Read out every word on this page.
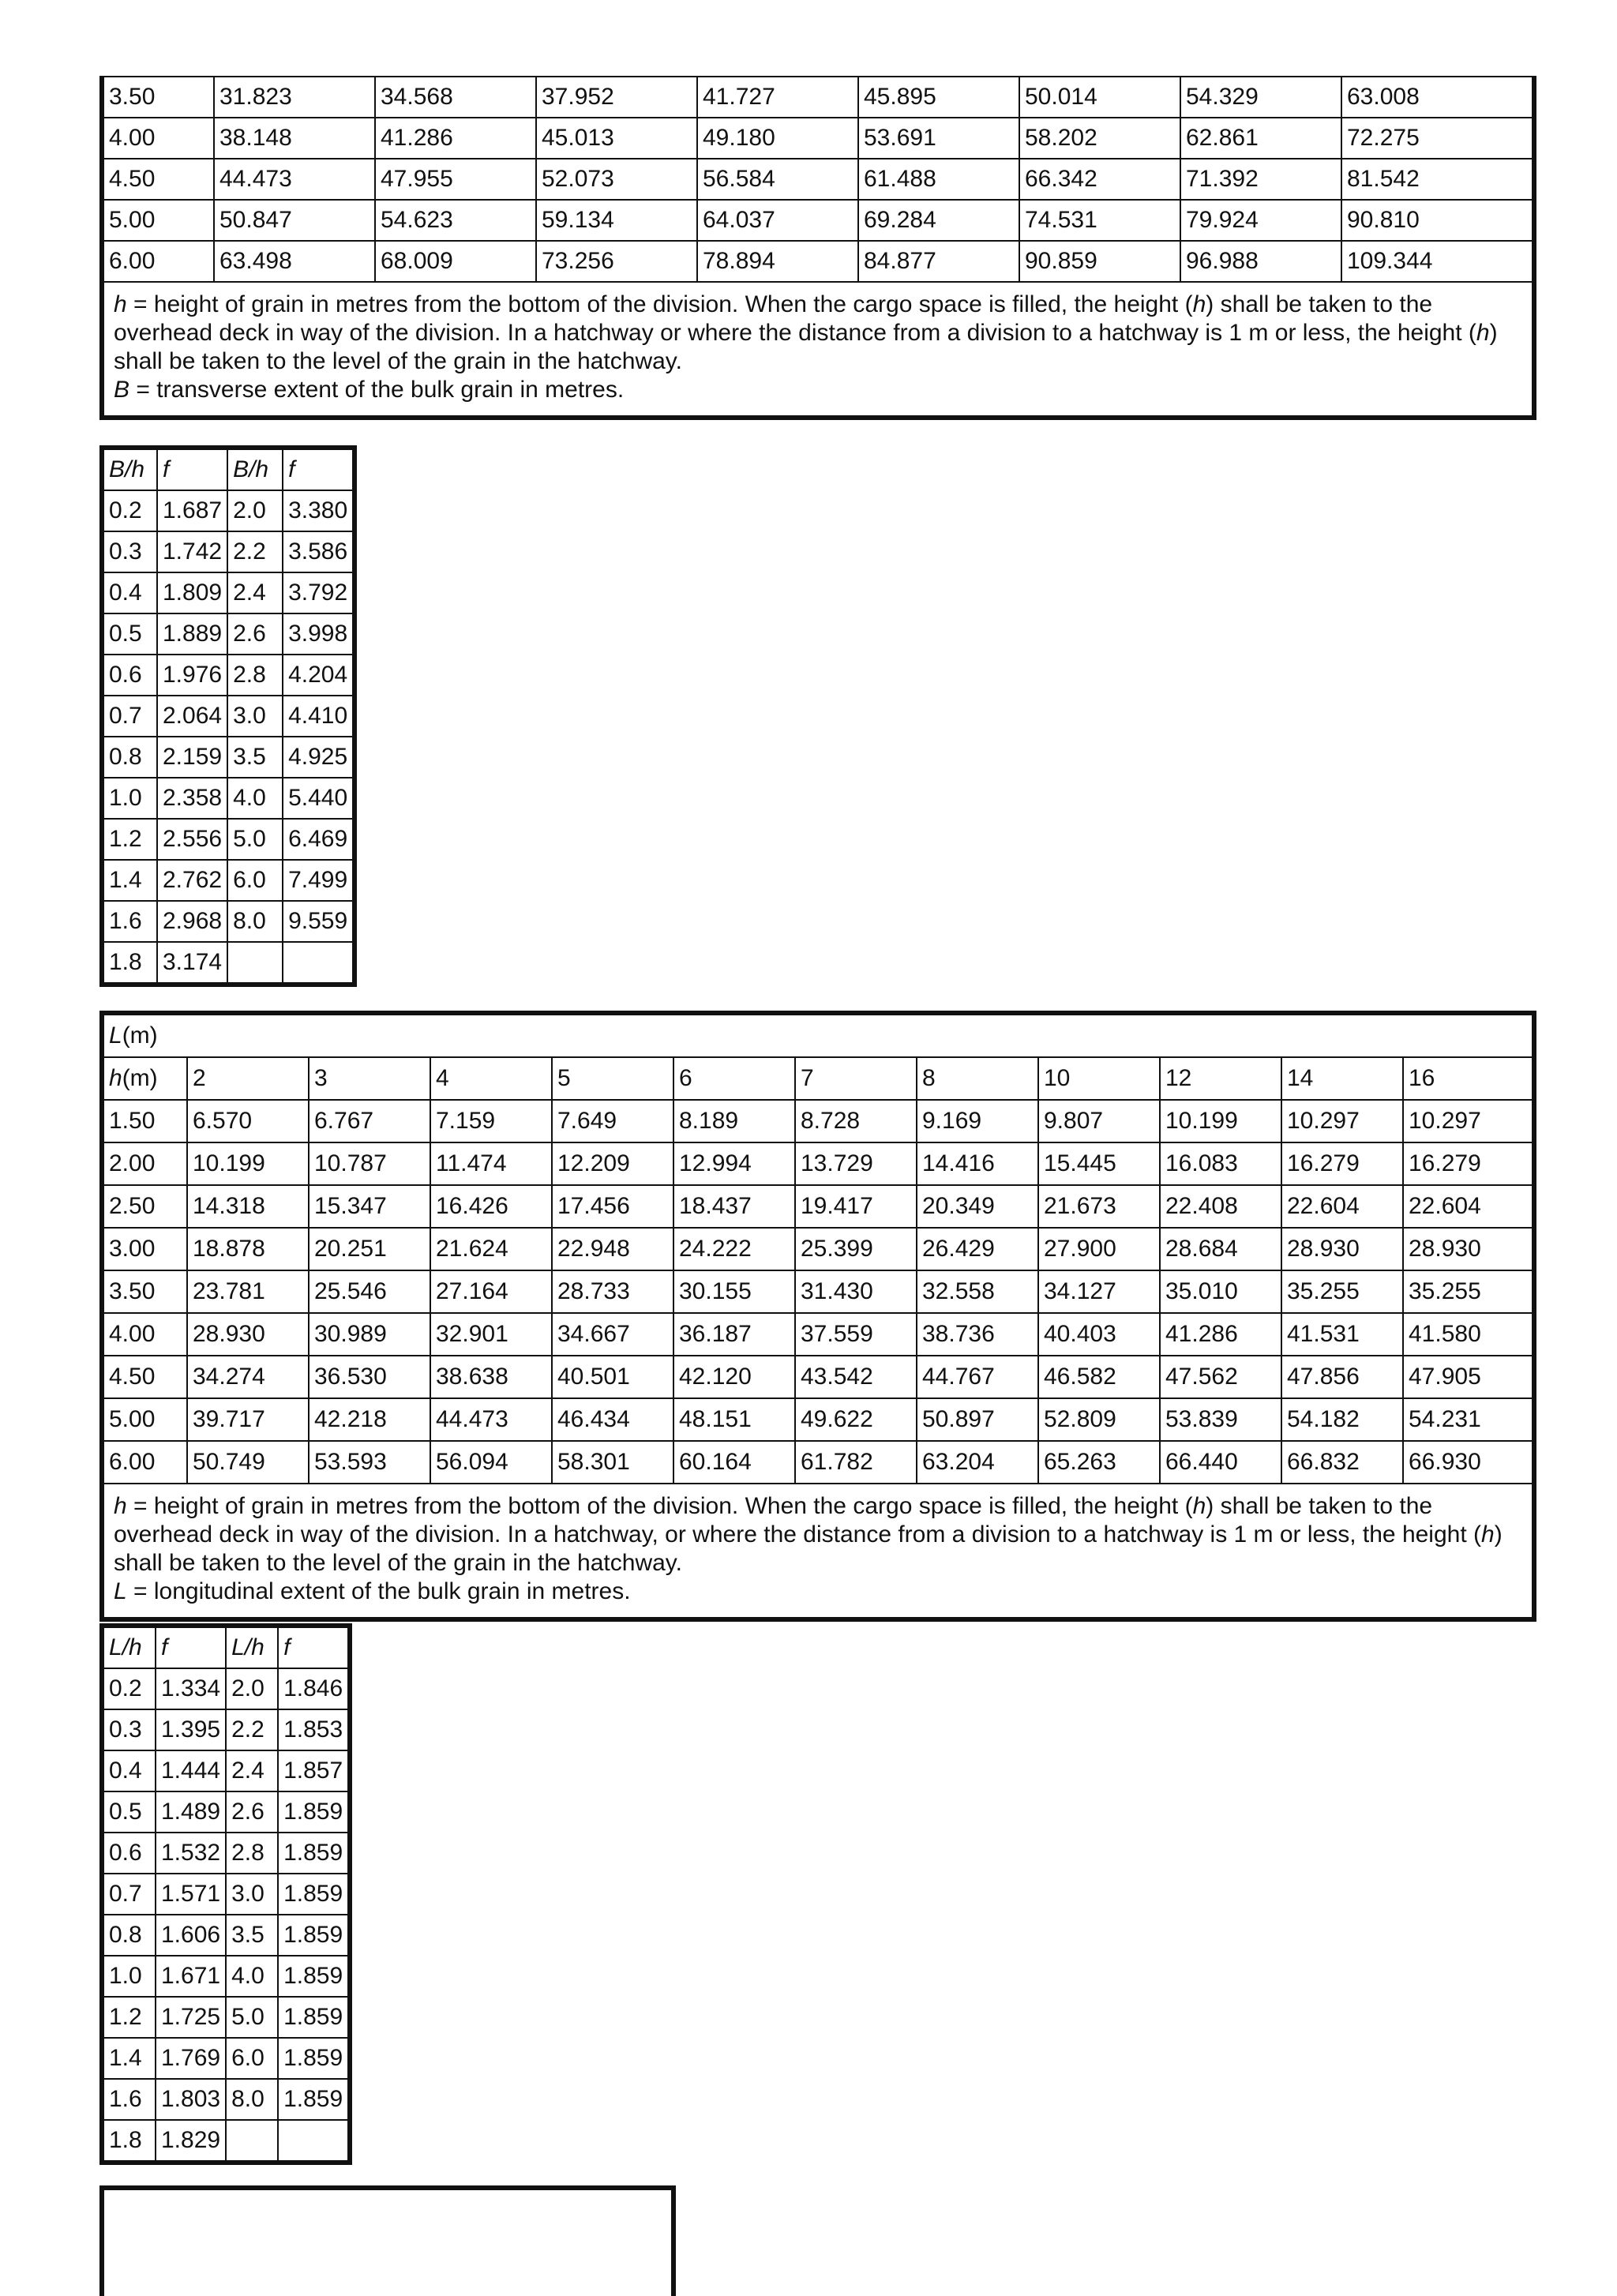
3.50	31.823	34.568	37.952	41.727	45.895	50.014	54.329	63.008
4.00	38.148	41.286	45.013	49.180	53.691	58.202	62.861	72.275
4.50	44.473	47.955	52.073	56.584	61.488	66.342	71.392	81.542
5.00	50.847	54.623	59.134	64.037	69.284	74.531	79.924	90.810
6.00	63.498	68.009	73.256	78.894	84.877	90.859	96.988	109.344
h = height of grain in metres from the bottom of the division. When the cargo space is filled, the height (h) shall be taken to the overhead deck in way of the division. In a hatchway or where the distance from a division to a hatchway is 1 m or less, the height (h) shall be taken to the level of the grain in the hatchway.
B = transverse extent of the bulk grain in metres.								
B/h	f	B/h	f
0.2	1.687	2.0	3.380
0.3	1.742	2.2	3.586
0.4	1.809	2.4	3.792
0.5	1.889	2.6	3.998
0.6	1.976	2.8	4.204
0.7	2.064	3.0	4.410
0.8	2.159	3.5	4.925
1.0	2.358	4.0	5.440
1.2	2.556	5.0	6.469
1.4	2.762	6.0	7.499
1.6	2.968	8.0	9.559
1.8	3.174		
L(m)											
h(m)	2	3	4	5	6	7	8	10	12	14	16
1.50	6.570	6.767	7.159	7.649	8.189	8.728	9.169	9.807	10.199	10.297	10.297
2.00	10.199	10.787	11.474	12.209	12.994	13.729	14.416	15.445	16.083	16.279	16.279
2.50	14.318	15.347	16.426	17.456	18.437	19.417	20.349	21.673	22.408	22.604	22.604
3.00	18.878	20.251	21.624	22.948	24.222	25.399	26.429	27.900	28.684	28.930	28.930
3.50	23.781	25.546	27.164	28.733	30.155	31.430	32.558	34.127	35.010	35.255	35.255
4.00	28.930	30.989	32.901	34.667	36.187	37.559	38.736	40.403	41.286	41.531	41.580
4.50	34.274	36.530	38.638	40.501	42.120	43.542	44.767	46.582	47.562	47.856	47.905
5.00	39.717	42.218	44.473	46.434	48.151	49.622	50.897	52.809	53.839	54.182	54.231
6.00	50.749	53.593	56.094	58.301	60.164	61.782	63.204	65.263	66.440	66.832	66.930
h = height of grain in metres from the bottom of the division. When the cargo space is filled, the height (h) shall be taken to the overhead deck in way of the division. In a hatchway, or where the distance from a division to a hatchway is 1 m or less, the height (h) shall be taken to the level of the grain in the hatchway.
L = longitudinal extent of the bulk grain in metres.											
L/h	f	L/h	f
0.2	1.334	2.0	1.846
0.3	1.395	2.2	1.853
0.4	1.444	2.4	1.857
0.5	1.489	2.6	1.859
0.6	1.532	2.8	1.859
0.7	1.571	3.0	1.859
0.8	1.606	3.5	1.859
1.0	1.671	4.0	1.859
1.2	1.725	5.0	1.859
1.4	1.769	6.0	1.859
1.6	1.803	8.0	1.859
1.8	1.829		
